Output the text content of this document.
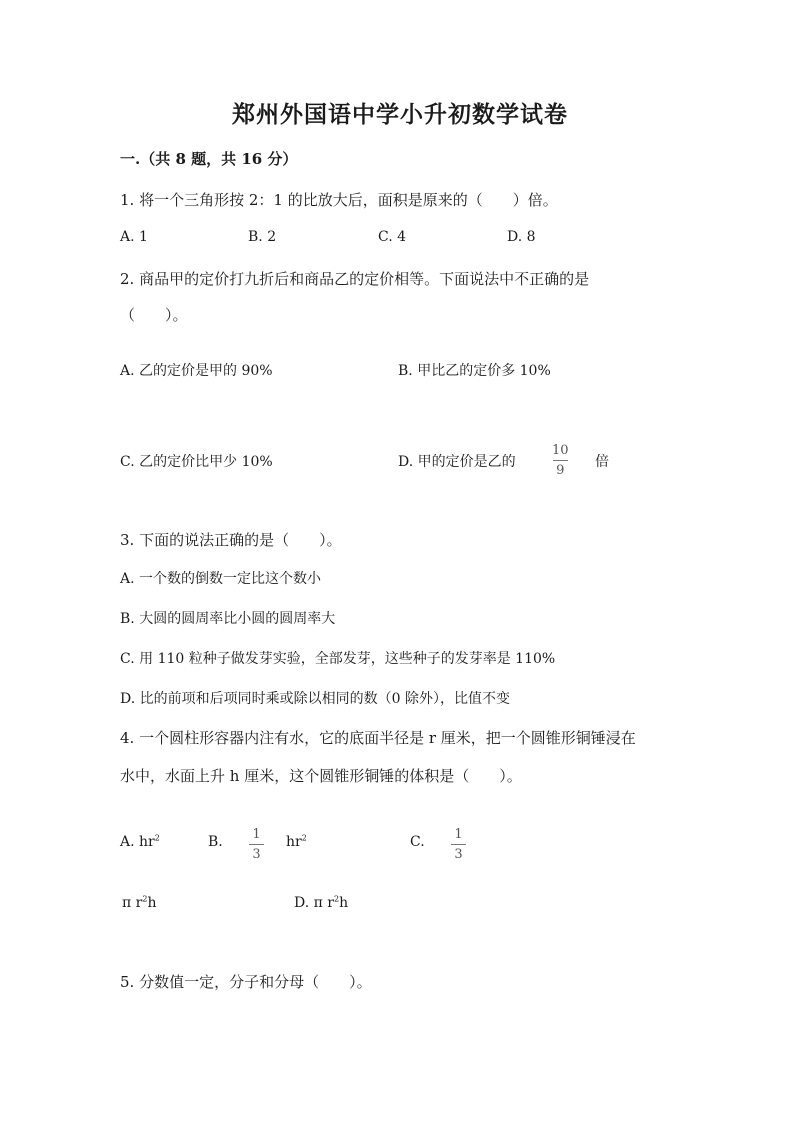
郑州外国语中学小升初数学试卷
一.（共 8 题，共 16 分）
1. 将一个三角形按 2：1 的比放大后，面积是原来的（　　）倍。
A. 1	B. 2	C. 4	D. 8
2. 商品甲的定价打九折后和商品乙的定价相等。下面说法中不正确的是
（　　）。
A. 乙的定价是甲的 90%	B. 甲比乙的定价多 10%
C. 乙的定价比甲少 10%	D. 甲的定价是乙的
10
9
倍
3. 下面的说法正确的是（　　）。
A. 一个数的倒数一定比这个数小
B. 大圆的圆周率比小圆的圆周率大
C. 用 110 粒种子做发芽实验，全部发芽，这些种子的发芽率是 110%
D. 比的前项和后项同时乘或除以相同的数（0 除外），比值不变
4. 一个圆柱形容器内注有水，它的底面半径是 r 厘米，把一个圆锥形铜锤浸在
水中，水面上升 h 厘米，这个圆锥形铜锤的体积是（　　）。
A. $hr^2$	B. 1
3
$hr^2$	C. 1
3
π $r^2h$	D. π $r^2h$
5. 分数值一定，分子和分母（　　）。
